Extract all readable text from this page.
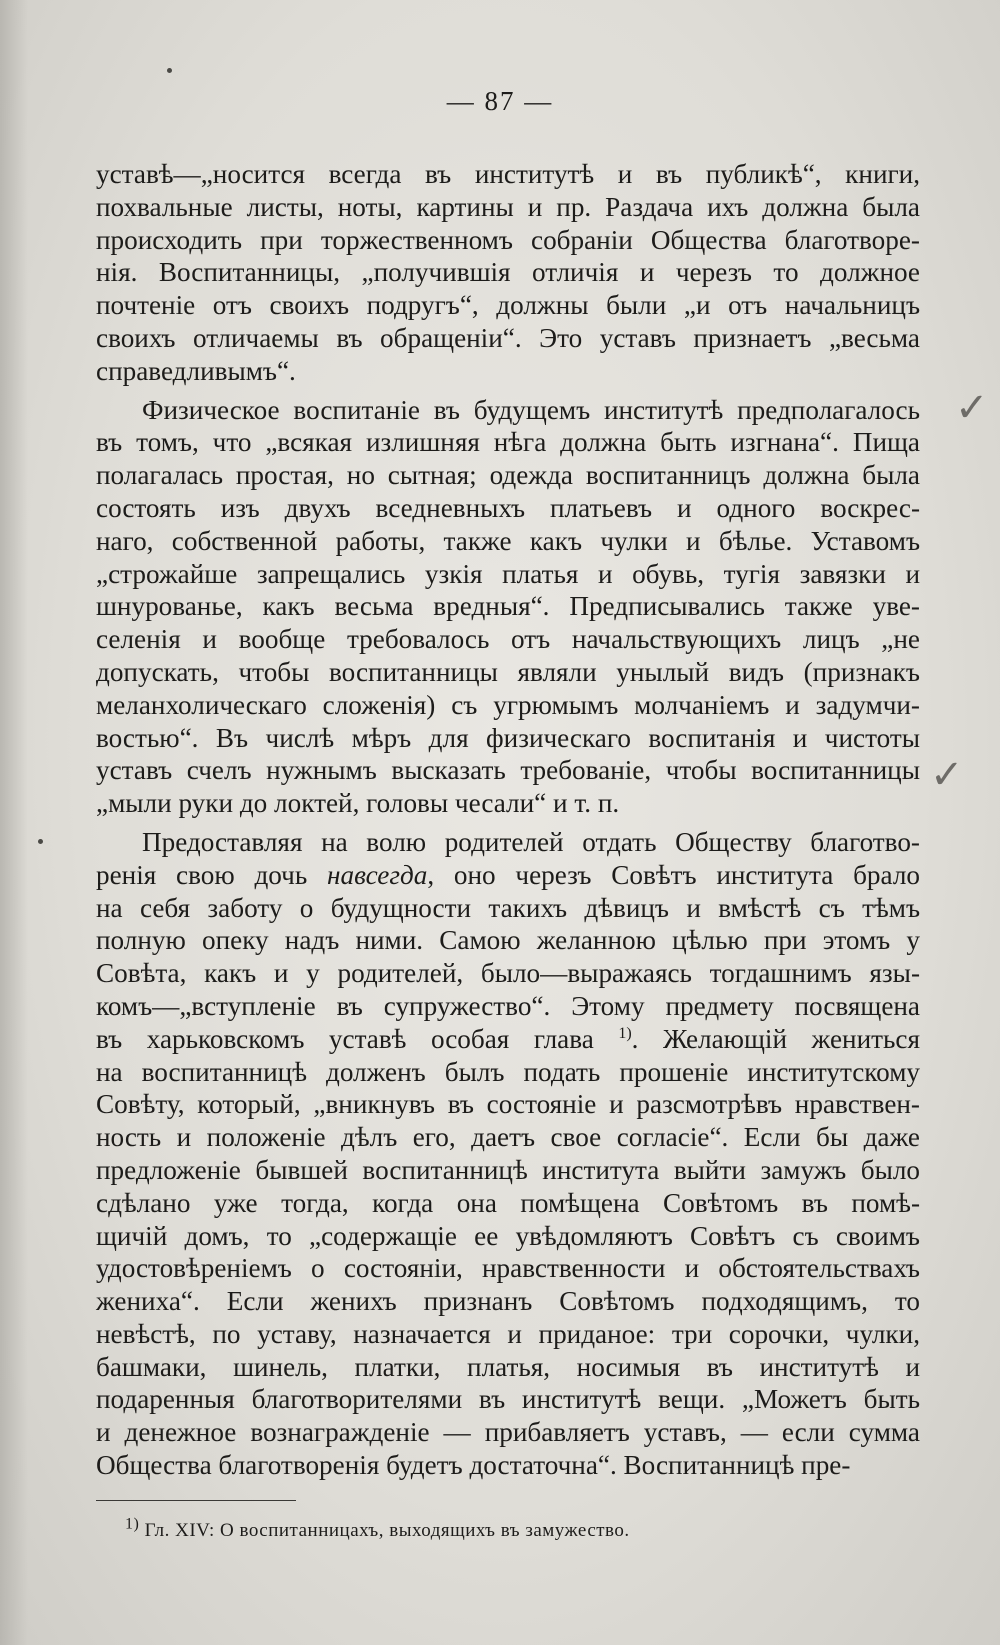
— 87 —

уставѣ—„носится всегда въ институтѣ и въ публикѣ“, книги,
похвальные листы, ноты, картины и пр. Раздача ихъ должна была
происходить при торжественномъ собраніи Общества благотворе-
нія. Воспитанницы, „получившія отличія и черезъ то должное
почтеніе отъ своихъ подругъ“, должны были „и отъ начальницъ
своихъ отличаемы въ обращеніи“. Это уставъ признаетъ „весьма
справедливымъ“.

Физическое воспитаніе въ будущемъ институтѣ предполагалось
въ томъ, что „всякая излишняя нѣга должна быть изгнана“. Пища
полагалась простая, но сытная; одежда воспитанницъ должна была
состоять изъ двухъ вседневныхъ платьевъ и одного воскрес-
наго, собственной работы, также какъ чулки и бѣлье. Уставомъ
„строжайше запрещались узкія платья и обувь, тугія завязки и
шнурованье, какъ весьма вредныя“. Предписывались также уве-
селенія и вообще требовалось отъ начальствующихъ лицъ „не
допускать, чтобы воспитанницы являли унылый видъ (признакъ
меланхолическаго сложенія) съ угрюмымъ молчаніемъ и задумчи-
востью“. Въ числѣ мѣръ для физическаго воспитанія и чистоты
уставъ счелъ нужнымъ высказать требованіе, чтобы воспитанницы
„мыли руки до локтей, головы чесали“ и т. п.

Предоставляя на волю родителей отдать Обществу благотво-
ренія свою дочь навсегда, оно черезъ Совѣтъ института брало
на себя заботу о будущности такихъ дѣвицъ и вмѣстѣ съ тѣмъ
полную опеку надъ ними. Самою желанною цѣлью при этомъ у
Совѣта, какъ и у родителей, было—выражаясь тогдашнимъ язы-
комъ—„вступленіе въ супружество“. Этому предмету посвящена
въ харьковскомъ уставѣ особая глава $^{1)}$. Желающій жениться
на воспитанницѣ долженъ былъ подать прошеніе институтскому
Совѣту, который, „вникнувъ въ состояніе и разсмотрѣвъ нравствен-
ность и положеніе дѣлъ его, даетъ свое согласіе“. Если бы даже
предложеніе бывшей воспитанницѣ института выйти замужъ было
сдѣлано уже тогда, когда она помѣщена Совѣтомъ въ помѣ-
щичій домъ, то „содержащіе ее увѣдомляютъ Совѣтъ съ своимъ
удостовѣреніемъ о состояніи, нравственности и обстоятельствахъ
жениха“. Если женихъ признанъ Совѣтомъ подходящимъ, то
невѣстѣ, по уставу, назначается и приданое: три сорочки, чулки,
башмаки, шинель, платки, платья, носимыя въ институтѣ и
подаренныя благотворителями въ институтѣ вещи. „Можетъ быть
и денежное вознагражденіе — прибавляетъ уставъ, — если сумма
Общества благотворенія будетъ достаточна“. Воспитанницѣ пре-

✓
✓
$^{1)}$ Гл. XIV: О воспитанницахъ, выходящихъ въ замужество.
